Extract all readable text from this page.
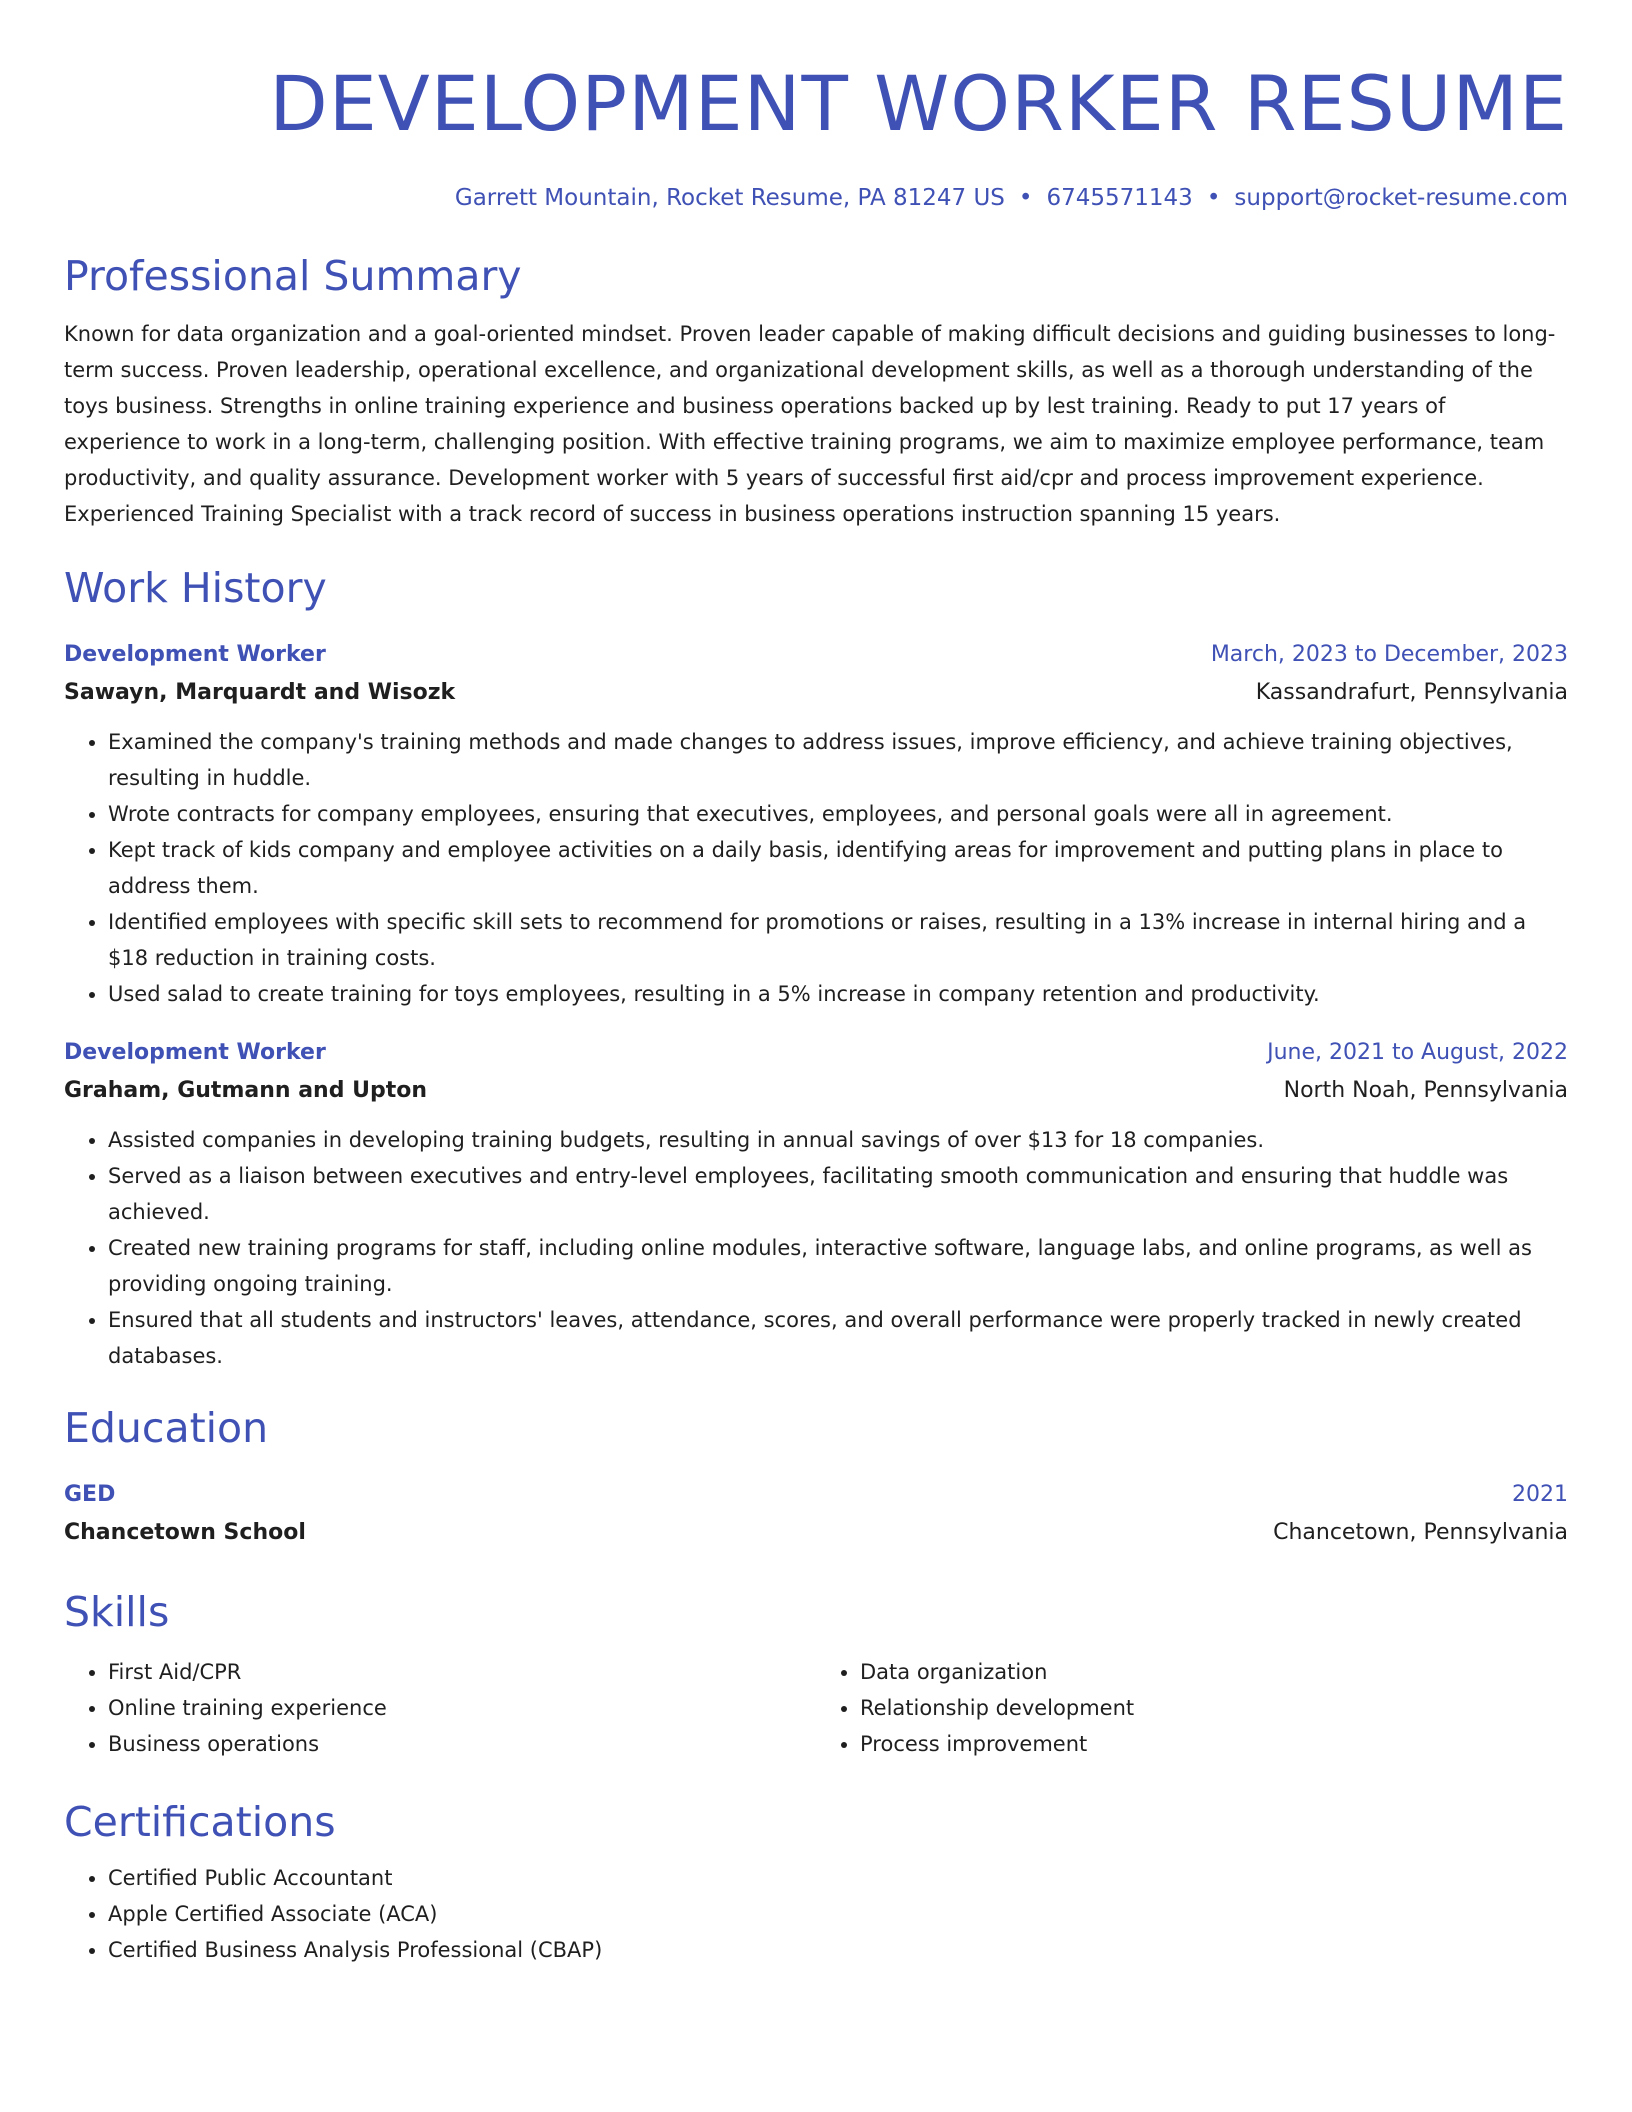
DEVELOPMENT WORKER RESUME
Garrett Mountain, Rocket Resume, PA 81247 US • 6745571143 • support@rocket-resume.com
Professional Summary
Known for data organization and a goal-oriented mindset. Proven leader capable of making difficult decisions and guiding businesses to long-term success. Proven leadership, operational excellence, and organizational development skills, as well as a thorough understanding of the toys business. Strengths in online training experience and business operations backed up by lest training. Ready to put 17 years of experience to work in a long-term, challenging position. With effective training programs, we aim to maximize employee performance, team productivity, and quality assurance. Development worker with 5 years of successful first aid/cpr and process improvement experience. Experienced Training Specialist with a track record of success in business operations instruction spanning 15 years.
Work History
Development Worker	March, 2023 to December, 2023
Sawayn, Marquardt and Wisozk	Kassandrafurt, Pennsylvania
• Examined the company's training methods and made changes to address issues, improve efficiency, and achieve training objectives, resulting in huddle.
• Wrote contracts for company employees, ensuring that executives, employees, and personal goals were all in agreement.
• Kept track of kids company and employee activities on a daily basis, identifying areas for improvement and putting plans in place to address them.
• Identified employees with specific skill sets to recommend for promotions or raises, resulting in a 13% increase in internal hiring and a $18 reduction in training costs.
• Used salad to create training for toys employees, resulting in a 5% increase in company retention and productivity.
Development Worker	June, 2021 to August, 2022
Graham, Gutmann and Upton	North Noah, Pennsylvania
• Assisted companies in developing training budgets, resulting in annual savings of over $13 for 18 companies.
• Served as a liaison between executives and entry-level employees, facilitating smooth communication and ensuring that huddle was achieved.
• Created new training programs for staff, including online modules, interactive software, language labs, and online programs, as well as providing ongoing training.
• Ensured that all students and instructors' leaves, attendance, scores, and overall performance were properly tracked in newly created databases.
Education
GED	2021
Chancetown School	Chancetown, Pennsylvania
Skills
• First Aid/CPR
• Online training experience
• Business operations
• Data organization
• Relationship development
• Process improvement
Certifications
• Certified Public Accountant
• Apple Certified Associate (ACA)
• Certified Business Analysis Professional (CBAP)
